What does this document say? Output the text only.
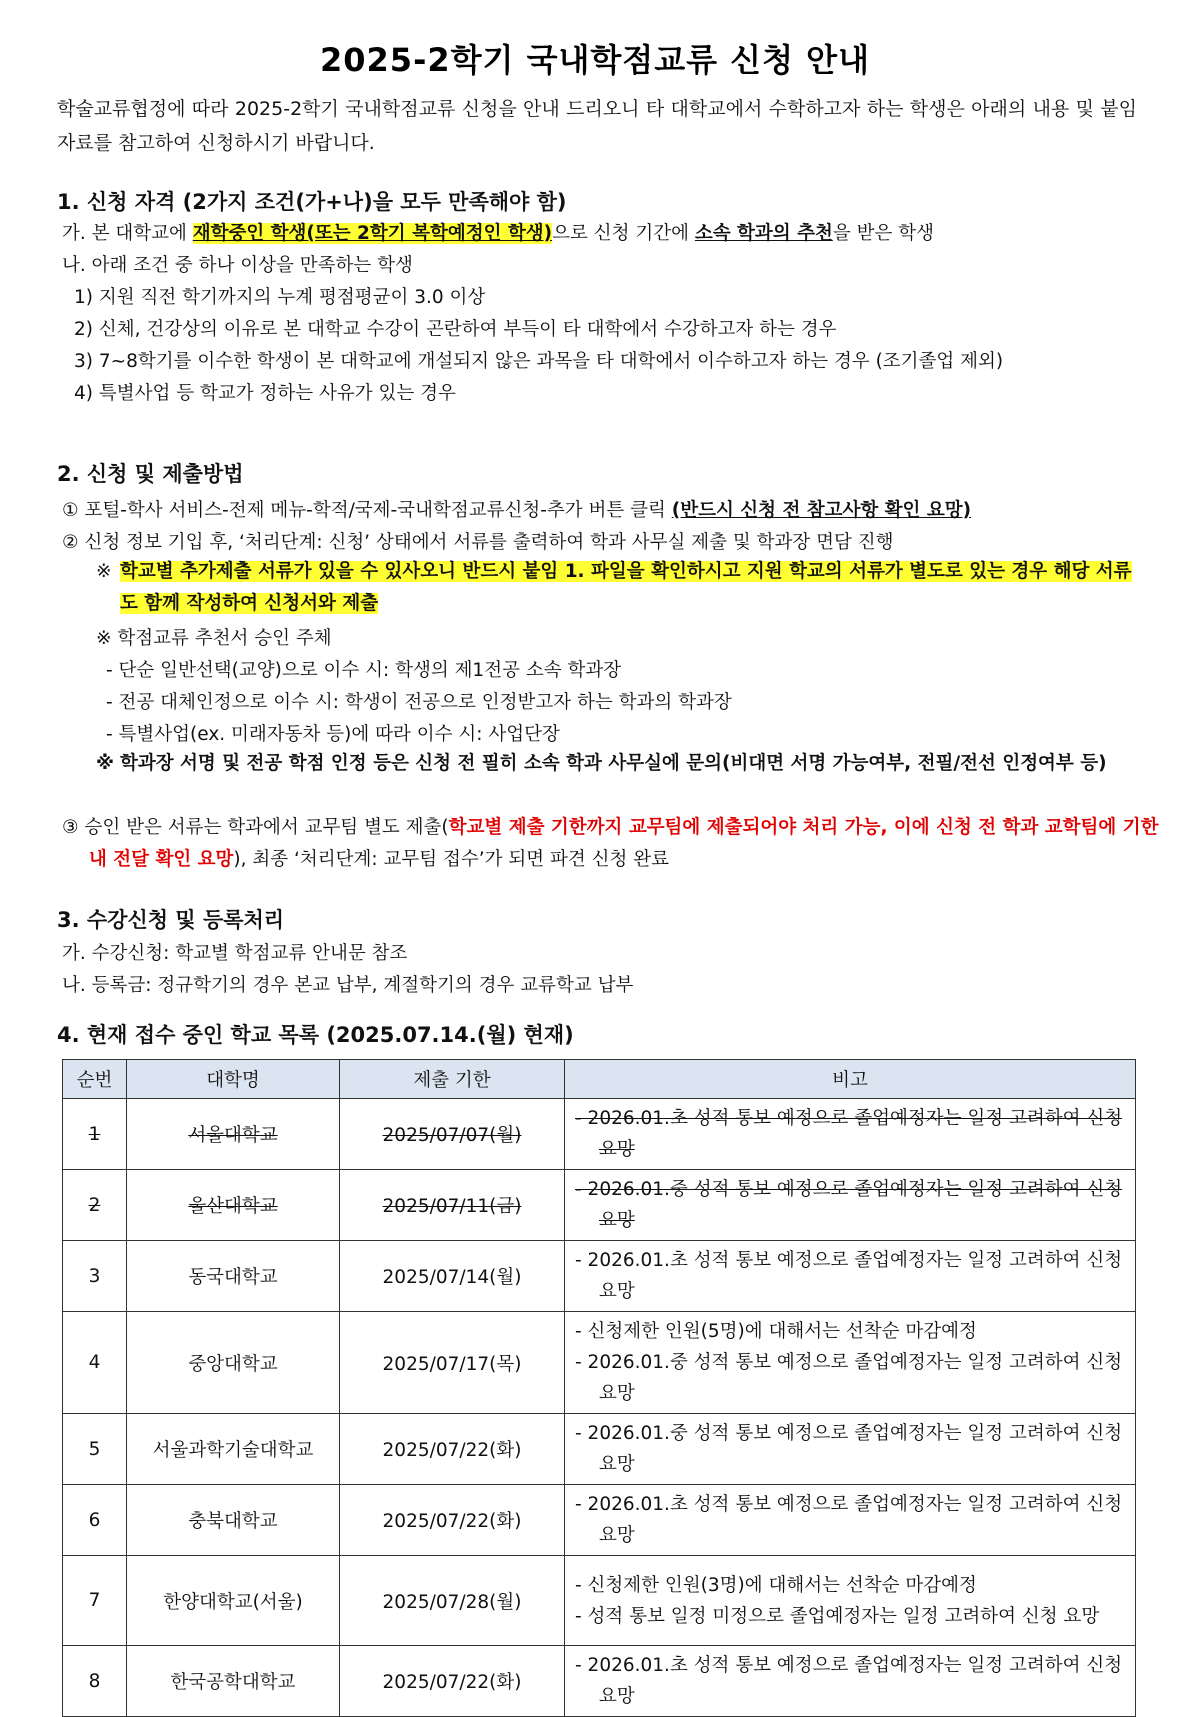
2025-2학기 국내학점교류 신청 안내

학술교류협정에 따라 2025-2학기 국내학점교류 신청을 안내 드리오니 타 대학교에서 수학하고자 하는 학생은 아래의 내용 및 붙임 자료를 참고하여 신청하시기 바랍니다.

1. 신청 자격 (2가지 조건(가+나)을 모두 만족해야 함)

가. 본 대학교에 재학중인 학생(또는 2학기 복학예정인 학생)으로 신청 기간에 소속 학과의 추천을 받은 학생

나. 아래 조건 중 하나 이상을 만족하는 학생

1) 지원 직전 학기까지의 누계 평점평균이 3.0 이상

2) 신체, 건강상의 이유로 본 대학교 수강이 곤란하여 부득이 타 대학에서 수강하고자 하는 경우

3) 7~8학기를 이수한 학생이 본 대학교에 개설되지 않은 과목을 타 대학에서 이수하고자 하는 경우 (조기졸업 제외)

4) 특별사업 등 학교가 정하는 사유가 있는 경우

2. 신청 및 제출방법

① 포털-학사 서비스-전제 메뉴-학적/국제-국내학점교류신청-추가 버튼 클릭 (반드시 신청 전 참고사항 확인 요망)

② 신청 정보 기입 후, ‘처리단계: 신청’ 상태에서 서류를 출력하여 학과 사무실 제출 및 학과장 면담 진행

※ 학교별 추가제출 서류가 있을 수 있사오니 반드시 붙임 1. 파일을 확인하시고 지원 학교의 서류가 별도로 있는 경우 해당 서류도 함께 작성하여 신청서와 제출

※ 학점교류 추천서 승인 주체

- 단순 일반선택(교양)으로 이수 시: 학생의 제1전공 소속 학과장

- 전공 대체인정으로 이수 시: 학생이 전공으로 인정받고자 하는 학과의 학과장

- 특별사업(ex. 미래자동차 등)에 따라 이수 시: 사업단장

※ 학과장 서명 및 전공 학점 인정 등은 신청 전 필히 소속 학과 사무실에 문의(비대면 서명 가능여부, 전필/전선 인정여부 등)
③ 승인 받은 서류는 학과에서 교무팀 별도 제출(학교별 제출 기한까지 교무팀에 제출되어야 처리 가능, 이에 신청 전 학과 교학팀에 기한 내 전달 확인 요망), 최종 ‘처리단계: 교무팀 접수’가 되면 파견 신청 완료
3. 수강신청 및 등록처리

가. 수강신청: 학교별 학점교류 안내문 참조

나. 등록금: 정규학기의 경우 본교 납부, 계절학기의 경우 교류학교 납부

4. 현재 접수 중인 학교 목록 (2025.07.14.(월) 현재)
순번	대학명	제출 기한	비고
1	서울대학교	2025/07/07(월)	- 2026.01.초 성적 통보 예정으로 졸업예정자는 일정 고려하여 신청 요망

2	울산대학교	2025/07/11(금)	- 2026.01.중 성적 통보 예정으로 졸업예정자는 일정 고려하여 신청 요망

3	동국대학교	2025/07/14(월)	- 2026.01.초 성적 통보 예정으로 졸업예정자는 일정 고려하여 신청 요망

4	중앙대학교	2025/07/17(목)	- 신청제한 인원(5명)에 대해서는 선착순 마감예정
- 2026.01.중 성적 통보 예정으로 졸업예정자는 일정 고려하여 신청 요망

5	서울과학기술대학교	2025/07/22(화)	- 2026.01.중 성적 통보 예정으로 졸업예정자는 일정 고려하여 신청 요망

6	충북대학교	2025/07/22(화)	- 2026.01.초 성적 통보 예정으로 졸업예정자는 일정 고려하여 신청 요망

7	한양대학교(서울)	2025/07/28(월)	- 신청제한 인원(3명)에 대해서는 선착순 마감예정
- 성적 통보 일정 미정으로 졸업예정자는 일정 고려하여 신청 요망

8	한국공학대학교	2025/07/22(화)	- 2026.01.초 성적 통보 예정으로 졸업예정자는 일정 고려하여 신청 요망
